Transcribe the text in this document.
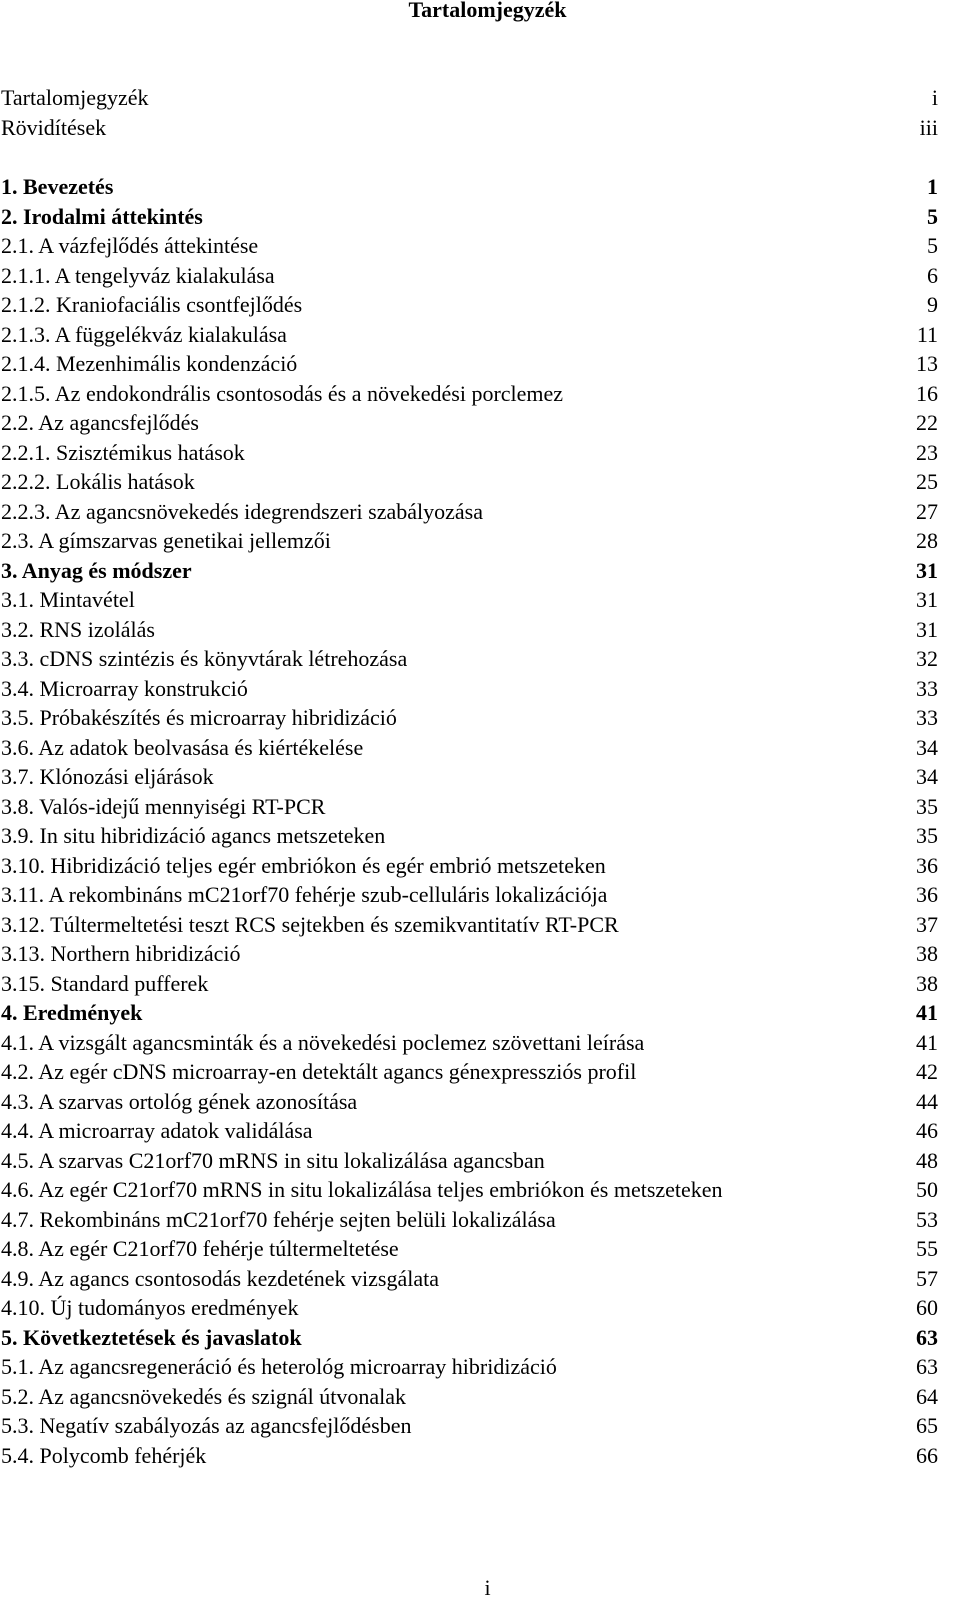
Tartalomjegyzék
Tartalomjegyzék	i
Rövidítések	iii
1. Bevezetés	1
2. Irodalmi áttekintés	5
2.1. A vázfejlődés áttekintése	5
2.1.1. A tengelyváz kialakulása	6
2.1.2. Kraniofaciális csontfejlődés	9
2.1.3. A függelékváz kialakulása	11
2.1.4. Mezenhimális kondenzáció	13
2.1.5. Az endokondrális csontosodás és a növekedési porclemez	16
2.2. Az agancsfejlődés	22
2.2.1. Szisztémikus hatások	23
2.2.2. Lokális hatások	25
2.2.3. Az agancsnövekedés idegrendszeri szabályozása	27
2.3. A gímszarvas genetikai jellemzői	28
3. Anyag és módszer	31
3.1. Mintavétel	31
3.2. RNS izolálás	31
3.3. cDNS szintézis és könyvtárak létrehozása	32
3.4. Microarray konstrukció	33
3.5. Próbakészítés és microarray hibridizáció	33
3.6. Az adatok beolvasása és kiértékelése	34
3.7. Klónozási eljárások	34
3.8. Valós-idejű mennyiségi RT-PCR	35
3.9. In situ hibridizáció agancs metszeteken	35
3.10. Hibridizáció teljes egér embriókon és egér embrió metszeteken	36
3.11. A rekombináns mC21orf70 fehérje szub-celluláris lokalizációja	36
3.12. Túltermeltetési teszt RCS sejtekben és szemikvantitatív RT-PCR	37
3.13. Northern hibridizáció	38
3.15. Standard pufferek	38
4. Eredmények	41
4.1. A vizsgált agancsminták és a növekedési poclemez szövettani leírása	41
4.2. Az egér cDNS microarray-en detektált agancs génexpressziós profil	42
4.3. A szarvas ortológ gének azonosítása	44
4.4. A microarray adatok validálása	46
4.5. A szarvas C21orf70 mRNS in situ lokalizálása agancsban	48
4.6. Az egér C21orf70 mRNS in situ lokalizálása teljes embriókon és metszeteken	50
4.7. Rekombináns mC21orf70 fehérje sejten belüli lokalizálása	53
4.8. Az egér C21orf70 fehérje túltermeltetése	55
4.9. Az agancs csontosodás kezdetének vizsgálata	57
4.10. Új tudományos eredmények	60
5. Következtetések és javaslatok	63
5.1. Az agancsregeneráció és heterológ microarray hibridizáció	63
5.2. Az agancsnövekedés és szignál útvonalak	64
5.3. Negatív szabályozás az agancsfejlődésben	65
5.4. Polycomb fehérjék	66
i
